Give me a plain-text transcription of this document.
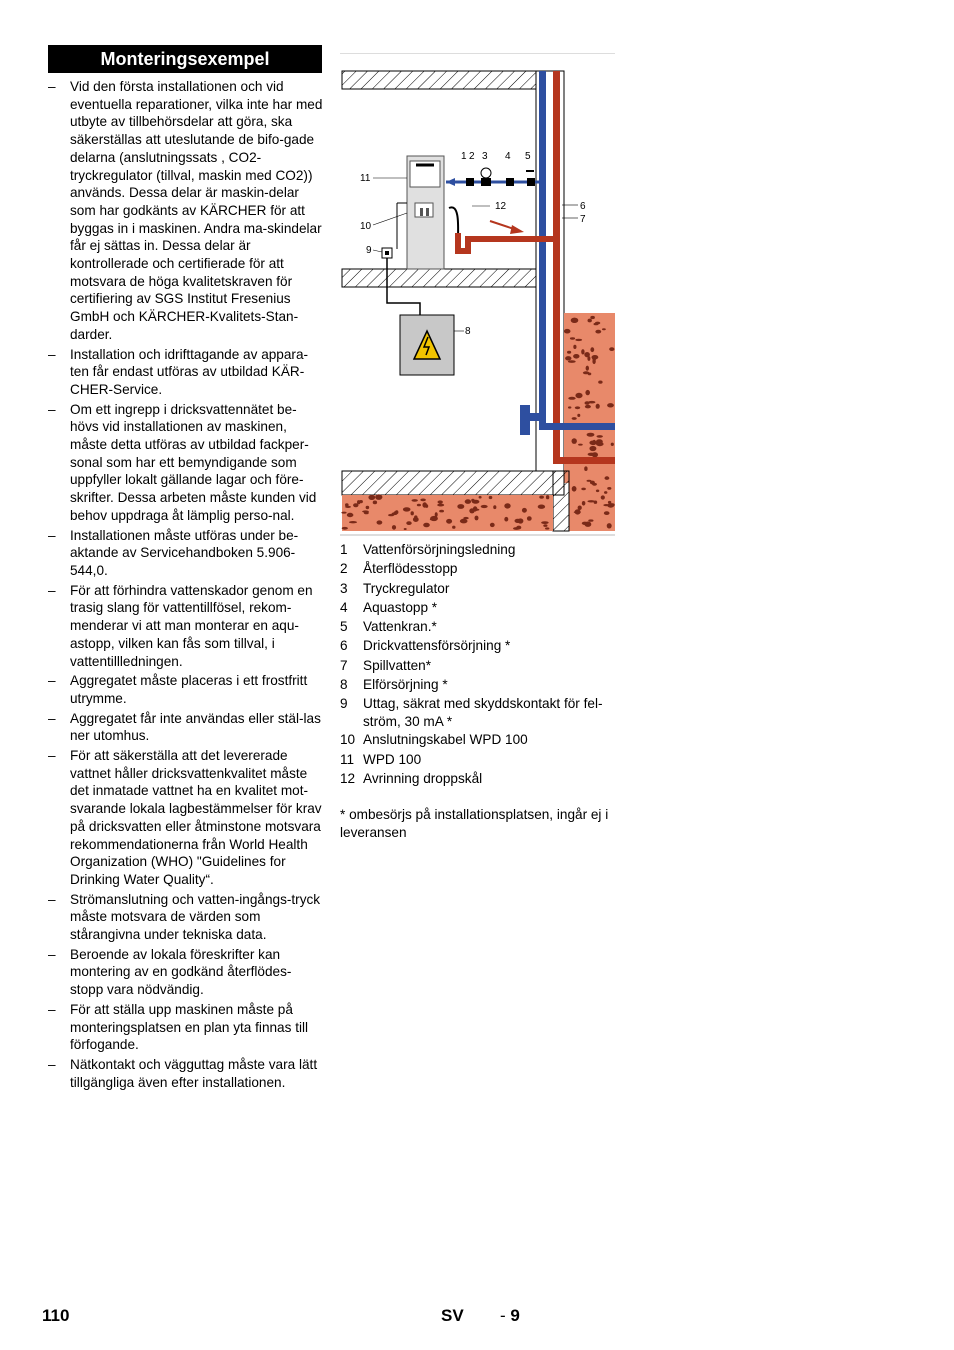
Monteringsexempel
– Vid den första installationen och vid eventuella reparationer, vilka inte har med utbyte av tillbehörsdelar att göra, ska säkerställas att uteslutande de bifo-gade delarna (anslutningssats , CO2-tryckregulator (tillval, maskin med CO2)) används. Dessa delar är maskin-delar som har godkänts av KÄRCHER för att byggas in i maskinen. Andra ma-skindelar får ej sättas in. Dessa delar är kontrollerade och certifierade för att motsvara de höga kvalitetskraven för certifiering av SGS Institut Fresenius GmbH och KÄRCHER-Kvalitets-Stan-darder.
– Installation och idrifttagande av appara-ten får endast utföras av utbildad KÄR-CHER-Service.
– Om ett ingrepp i dricksvattennätet be-hövs vid installationen av maskinen, måste detta utföras av utbildad fackper-sonal som har ett bemyndigande som uppfyller lokalt gällande lagar och före-skrifter. Dessa arbeten måste kunden vid behov uppdraga åt lämplig perso-nal.
– Installationen måste utföras under be-aktande av Servicehandboken 5.906-544,0.
– För att förhindra vattenskador genom en trasig slang för vattentillfösel, rekom-menderar vi att man monterar en aqu-astopp, vilken kan fås som tillval, i vattentillledningen.
– Aggregatet måste placeras i ett frostfritt utrymme.
– Aggregatet får inte användas eller stäl-las ner utomhus.
– För att säkerställa att det levererade vattnet håller dricksvattenkvalitet måste det inmatade vattnet ha en kvalitet mot-svarande lokala lagbestämmelser för krav på dricksvatten eller åtminstone motsvara rekommendationerna från World Health Organization (WHO) "Guidelines for Drinking Water Quality“.
– Strömanslutning och vatten-ingångs-tryck måste motsvara de värden som stårangivna under tekniska data.
– Beroende av lokala föreskrifter kan montering av en godkänd återflödes-stopp vara nödvändig.
– För att ställa upp maskinen måste på monteringsplatsen en plan yta finnas till förfogande.
– Nätkontakt och vägguttag måste vara lätt tillgängliga även efter installationen.
1 2 3 4 5
6
7
8
9
10
11
12
1	Vattenförsörjningsledning
2	Återflödesstopp
3	Tryckregulator
4	Aquastopp *
5	Vattenkran.*
6	Drickvattensförsörjning *
7	Spillvatten*
8	Elförsörjning *
9	Uttag, säkrat med skyddskontakt för fel-ström, 30 mA *
10 Anslutningskabel WPD 100
11 WPD 100
12 Avrinning droppskål
* ombesörjs på installationsplatsen, ingår ej i leveransen
110	SV - 9
